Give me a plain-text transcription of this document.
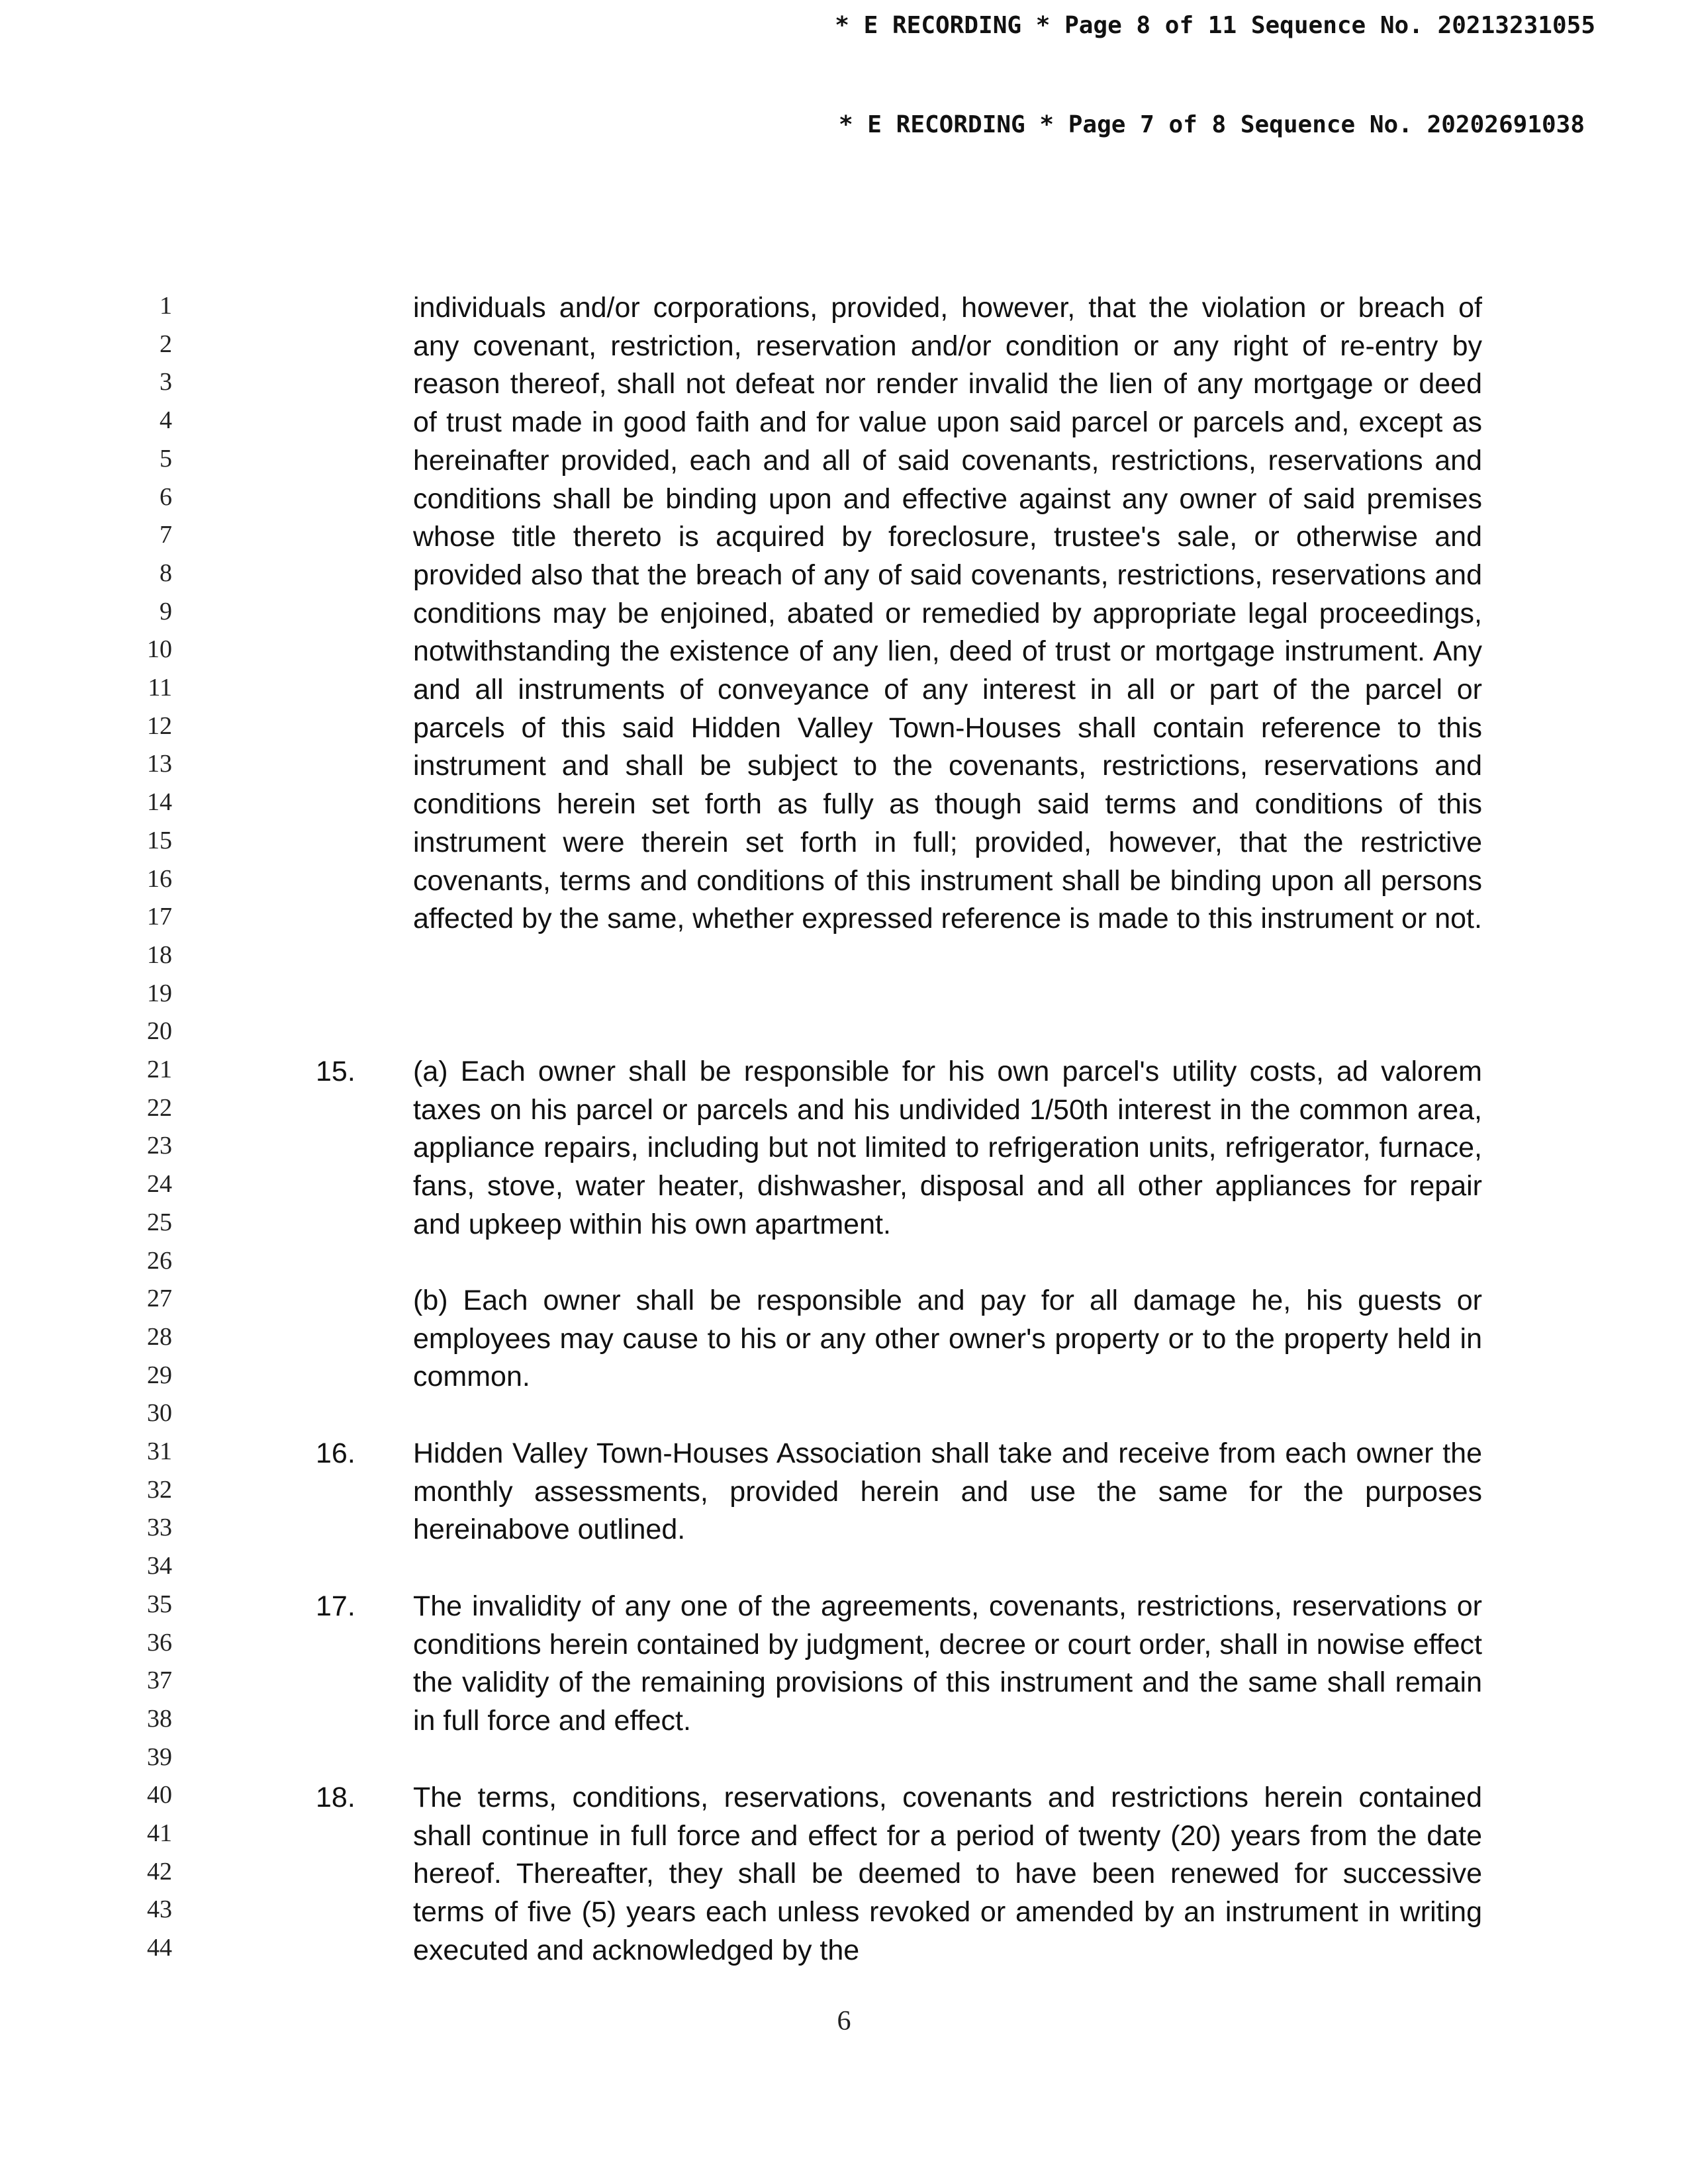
* E RECORDING * Page 8 of 11 Sequence No. 20213231055
* E RECORDING * Page 7 of 8 Sequence No. 20202691038
1
2
3
4
5
6
7
8
9
10
11
12
13
14
15
16
17
18
19
20
21
22
23
24
25
26
27
28
29
30
31
32
33
34
35
36
37
38
39
40
41
42
43
44
individuals and/or corporations, provided, however, that the violation or breach of any covenant, restriction, reservation and/or condition or any right of re-entry by reason thereof, shall not defeat nor render invalid the lien of any mortgage or deed of trust made in good faith and for value upon said parcel or parcels and, except as hereinafter provided, each and all of said covenants, restrictions, reservations and conditions shall be binding upon and effective against any owner of said premises whose title thereto is acquired by foreclosure, trustee's sale, or otherwise and provided also that the breach of any of said covenants, restrictions, reservations and conditions may be enjoined, abated or remedied by appropriate legal proceedings, notwithstanding the existence of any lien, deed of trust or mortgage instrument. Any and all instruments of conveyance of any interest in all or part of the parcel or parcels of this said Hidden Valley Town-Houses shall contain reference to this instrument and shall be subject to the covenants, restrictions, reservations and conditions herein set forth as fully as though said terms and conditions of this instrument were therein set forth in full; provided, however, that the restrictive covenants, terms and conditions of this instrument shall be binding upon all persons affected by the same, whether expressed reference is made to this instrument or not.
15. (a) Each owner shall be responsible for his own parcel's utility costs, ad valorem taxes on his parcel or parcels and his undivided 1/50th interest in the common area, appliance repairs, including but not limited to refrigeration units, refrigerator, furnace, fans, stove, water heater, dishwasher, disposal and all other appliances for repair and upkeep within his own apartment.
(b) Each owner shall be responsible and pay for all damage he, his guests or employees may cause to his or any other owner's property or to the property held in common.
16. Hidden Valley Town-Houses Association shall take and receive from each owner the monthly assessments, provided herein and use the same for the purposes hereinabove outlined.
17. The invalidity of any one of the agreements, covenants, restrictions, reservations or conditions herein contained by judgment, decree or court order, shall in nowise effect the validity of the remaining provisions of this instrument and the same shall remain in full force and effect.
18. The terms, conditions, reservations, covenants and restrictions herein contained shall continue in full force and effect for a period of twenty (20) years from the date hereof. Thereafter, they shall be deemed to have been renewed for successive terms of five (5) years each unless revoked or amended by an instrument in writing executed and acknowledged by the
6
